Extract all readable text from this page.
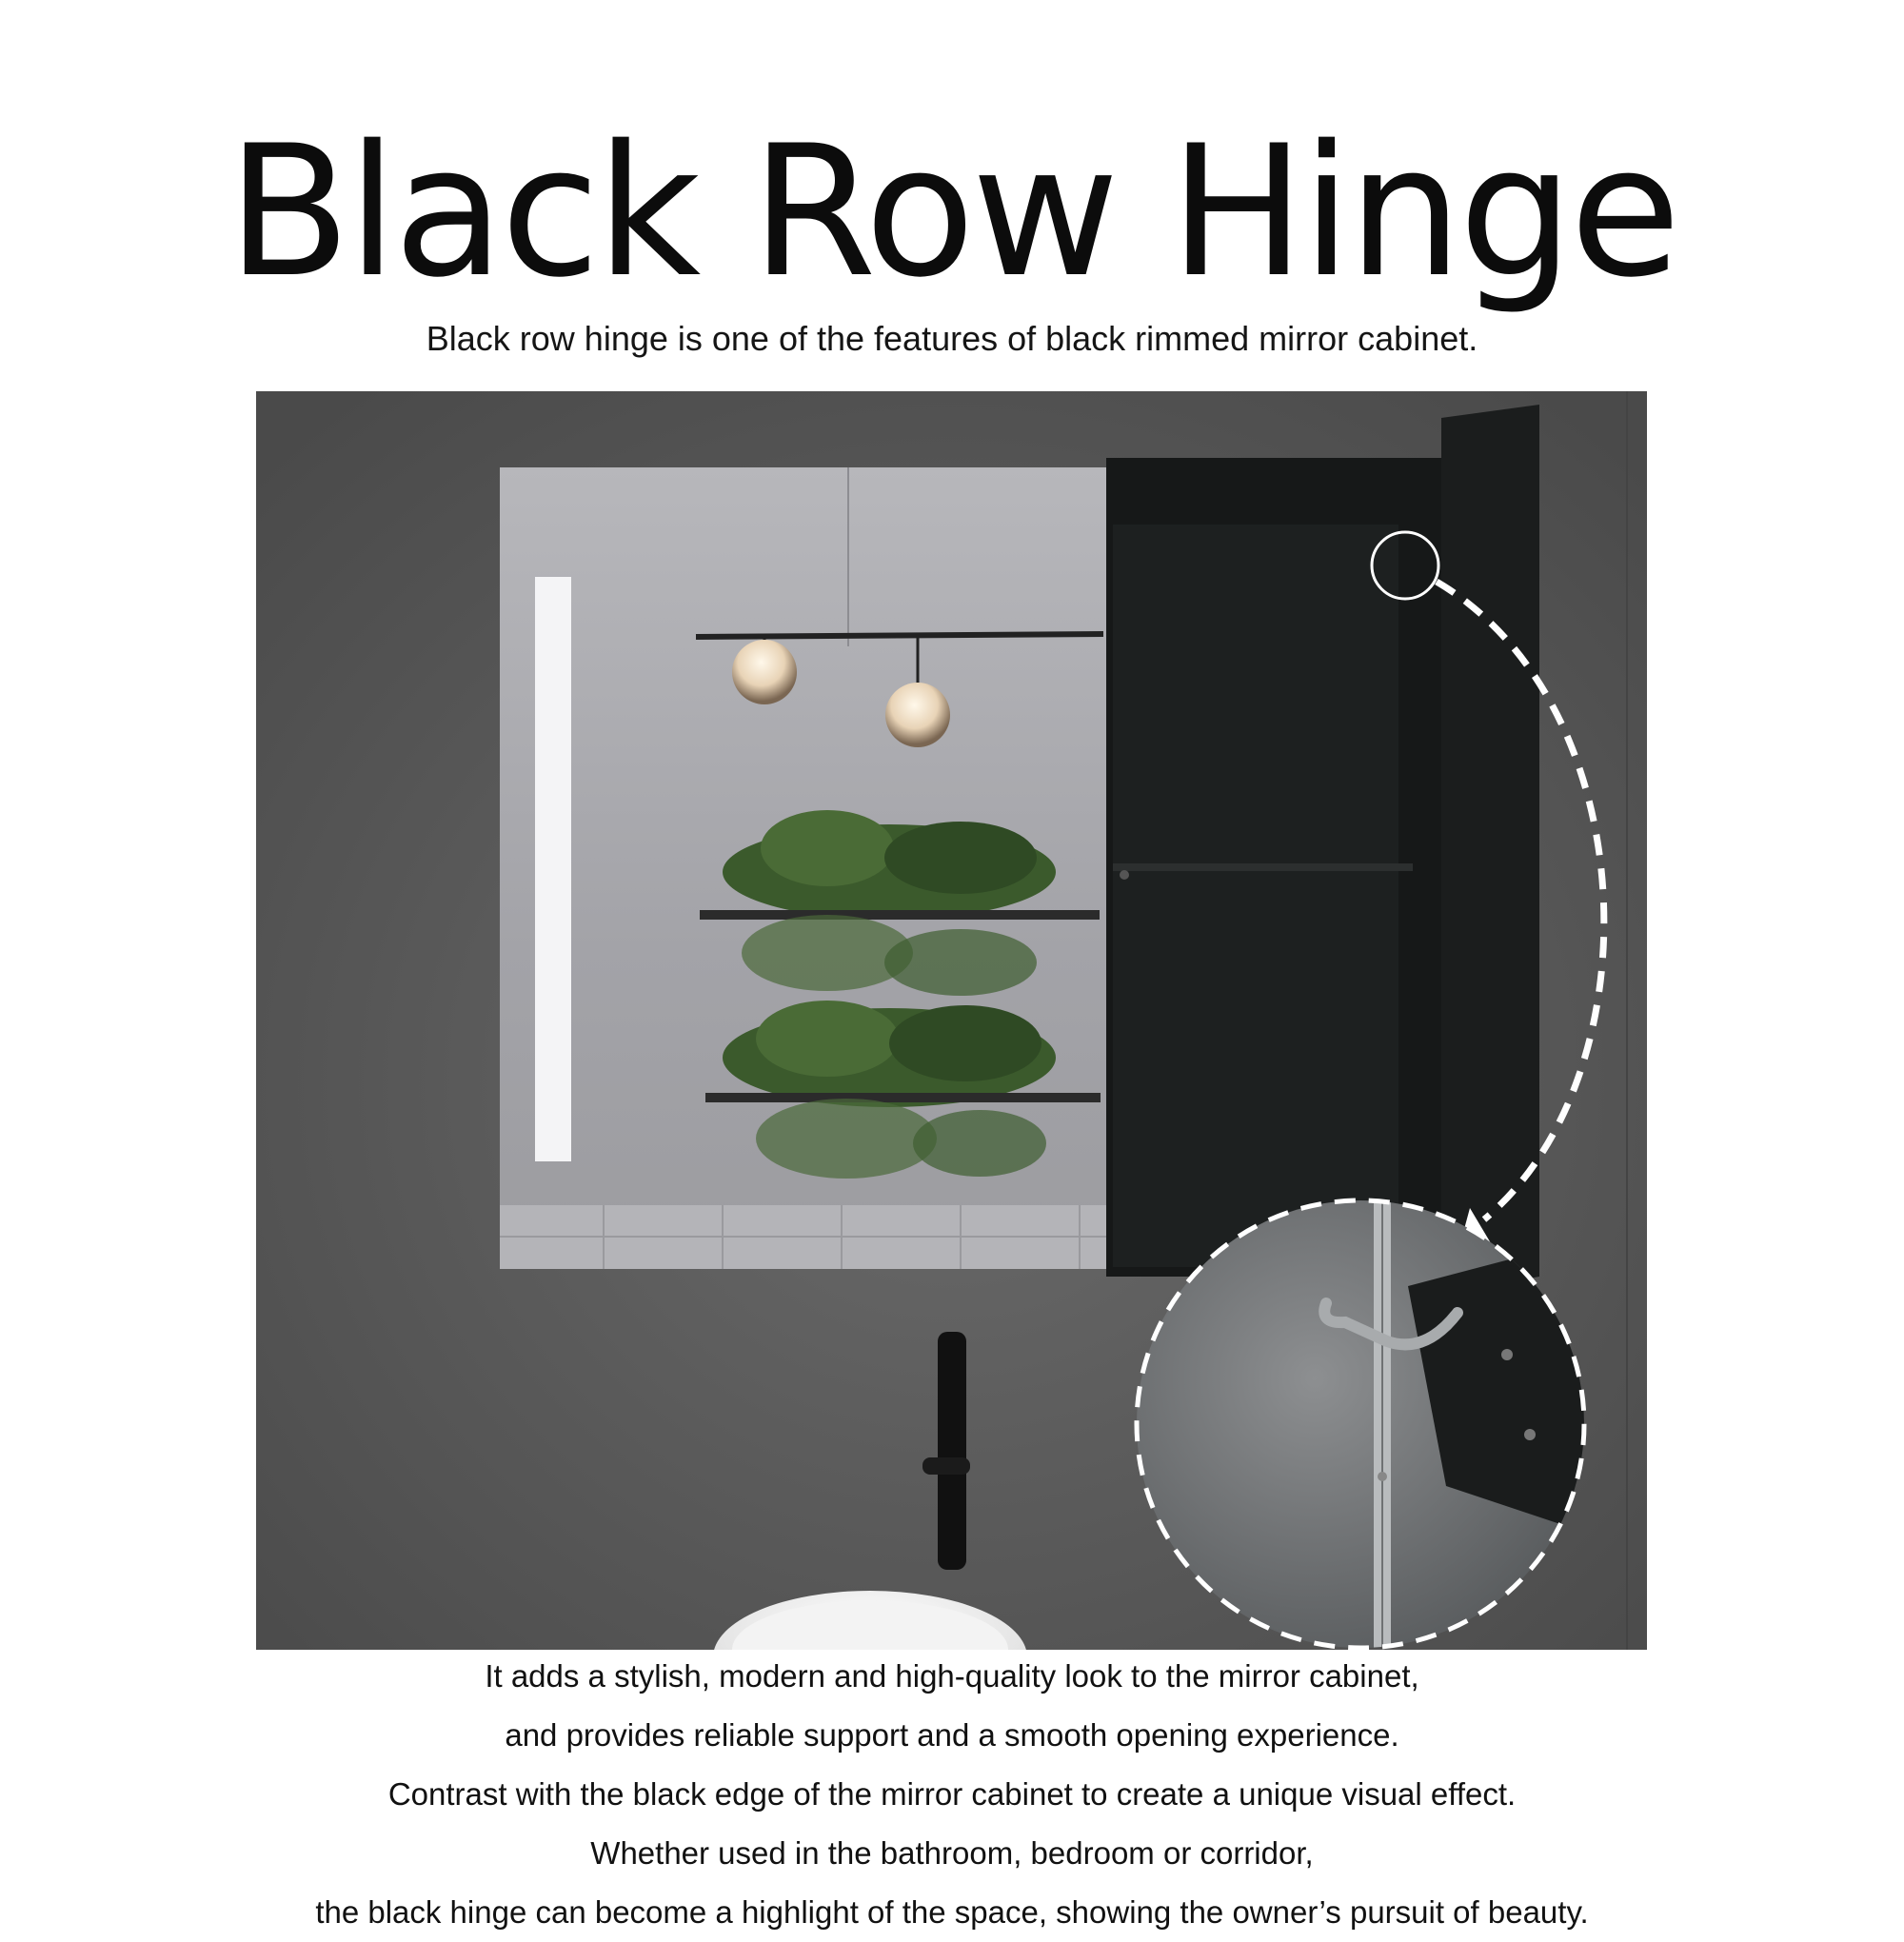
Black Row Hinge
Black row hinge is one of the features of black rimmed mirror cabinet.
It adds a stylish, modern and high-quality look to the mirror cabinet,
and provides reliable support and a smooth opening experience.
Contrast with the black edge of the mirror cabinet to create a unique visual effect.
Whether used in the bathroom, bedroom or corridor,
the black hinge can become a highlight of the space, showing the owner’s pursuit of beauty.
